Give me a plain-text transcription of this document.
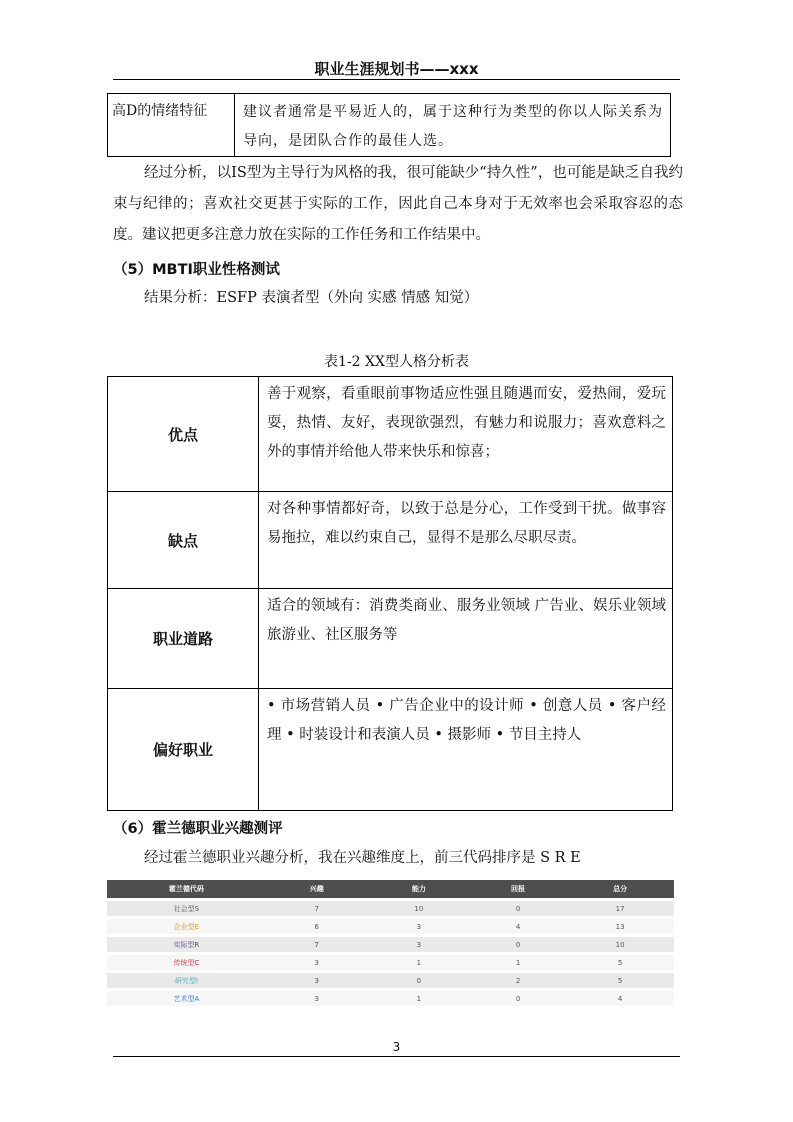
职业生涯规划书——xxx
高D的情绪特征	建议者通常是平易近人的，属于这种行为类型的你以人际关系为导向，是团队合作的最佳人选。
经过分析，以IS型为主导行为风格的我，很可能缺少“持久性”，也可能是缺乏自我约束与纪律的；喜欢社交更甚于实际的工作，因此自己本身对于无效率也会采取容忍的态度。建议把更多注意力放在实际的工作任务和工作结果中。
（5）MBTI职业性格测试
结果分析：ESFP 表演者型（外向 实感 情感 知觉）
表1-2 XX型人格分析表
优点	善于观察，看重眼前事物适应性强且随遇而安，爱热闹，爱玩耍，热情、友好，表现欲强烈，有魅力和说服力；喜欢意料之外的事情并给他人带来快乐和惊喜；
缺点	对各种事情都好奇，以致于总是分心，工作受到干扰。做事容易拖拉，难以约束自己，显得不是那么尽职尽责。
职业道路	适合的领域有：消费类商业、服务业领域 广告业、娱乐业领域 旅游业、社区服务等
偏好职业	• 市场营销人员 • 广告企业中的设计师 • 创意人员 • 客户经理 • 时装设计和表演人员 • 摄影师 • 节目主持人
（6）霍兰德职业兴趣测评
经过霍兰德职业兴趣分析，我在兴趣维度上，前三代码排序是 S R E
霍兰德代码	兴趣	能力	回报	总分
社会型S	7	10	0	17
企业型E	6	3	4	13
实际型R	7	3	0	10
传统型C	3	1	1	5
研究型I	3	0	2	5
艺术型A	3	1	0	4
3
